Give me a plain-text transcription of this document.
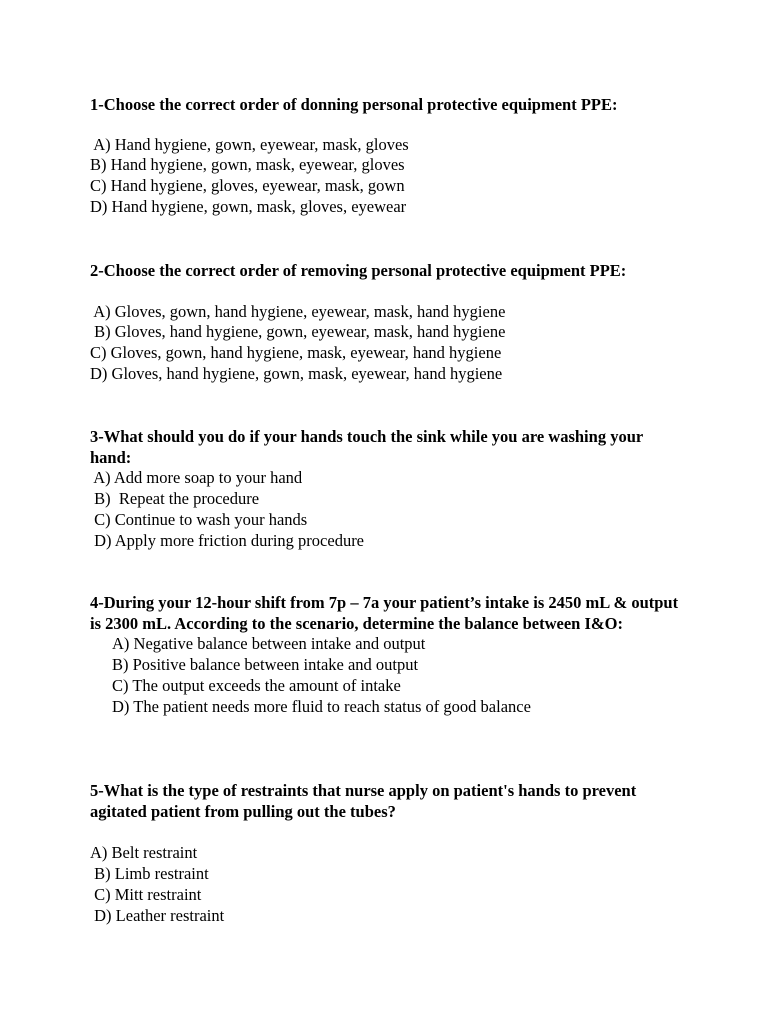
1-Choose the correct order of donning personal protective equipment PPE:

A) Hand hygiene, gown, eyewear, mask, gloves
B) Hand hygiene, gown, mask, eyewear, gloves
C) Hand hygiene, gloves, eyewear, mask, gown
D) Hand hygiene, gown, mask, gloves, eyewear

2-Choose the correct order of removing personal protective equipment PPE:

A) Gloves, gown, hand hygiene, eyewear, mask, hand hygiene
B) Gloves, hand hygiene, gown, eyewear, mask, hand hygiene
C) Gloves, gown, hand hygiene, mask, eyewear, hand hygiene
D) Gloves, hand hygiene, gown, mask, eyewear, hand hygiene

3-What should you do if your hands touch the sink while you are washing your hand:

A) Add more soap to your hand
B)  Repeat the procedure
C) Continue to wash your hands
D) Apply more friction during procedure

4-During your 12-hour shift from 7p – 7a your patient’s intake is 2450 mL & output is 2300 mL. According to the scenario, determine the balance between I&O:

A) Negative balance between intake and output
B) Positive balance between intake and output
C) The output exceeds the amount of intake
D) The patient needs more fluid to reach status of good balance

5-What is the type of restraints that nurse apply on patient's hands to prevent agitated patient from pulling out the tubes?

A) Belt restraint
B) Limb restraint
C) Mitt restraint
D) Leather restraint
